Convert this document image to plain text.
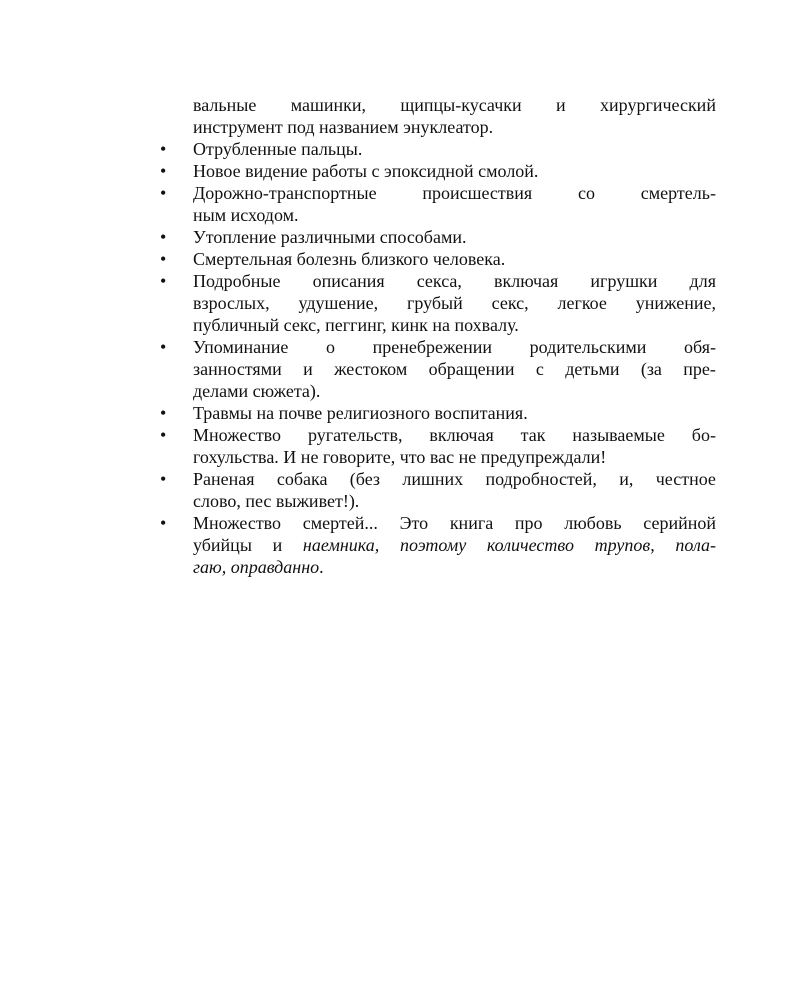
вальные машинки, щипцы-кусачки и хирургический
инструмент под названием энуклеатор.
•	Отрубленные пальцы.
•	Новое видение работы с эпоксидной смолой.
•	Дорожно-транспортные	происшествия	со	смертель-
ным исходом.
•	Утопление различными способами.
•	Смертельная болезнь близкого человека.
•	Подробные описания секса, включая игрушки для
взрослых, удушение, грубый секс, легкое унижение,
публичный секс, пеггинг, кинк на похвалу.
•	Упоминание о пренебрежении родительскими обя-
занностями и жестоком обращении с детьми (за пре-
делами сюжета).
•	Травмы на почве религиозного воспитания.
•	Множество ругательств, включая так называемые бо-
гохульства. И не говорите, что вас не предупреждали!
•	Раненая собака (без лишних подробностей, и, честное
слово, пес выживет!).
•	Множество смертей... Это книга про любовь серийной
убийцы и наемника, поэтому количество трупов, пола-
гаю, оправданно.
